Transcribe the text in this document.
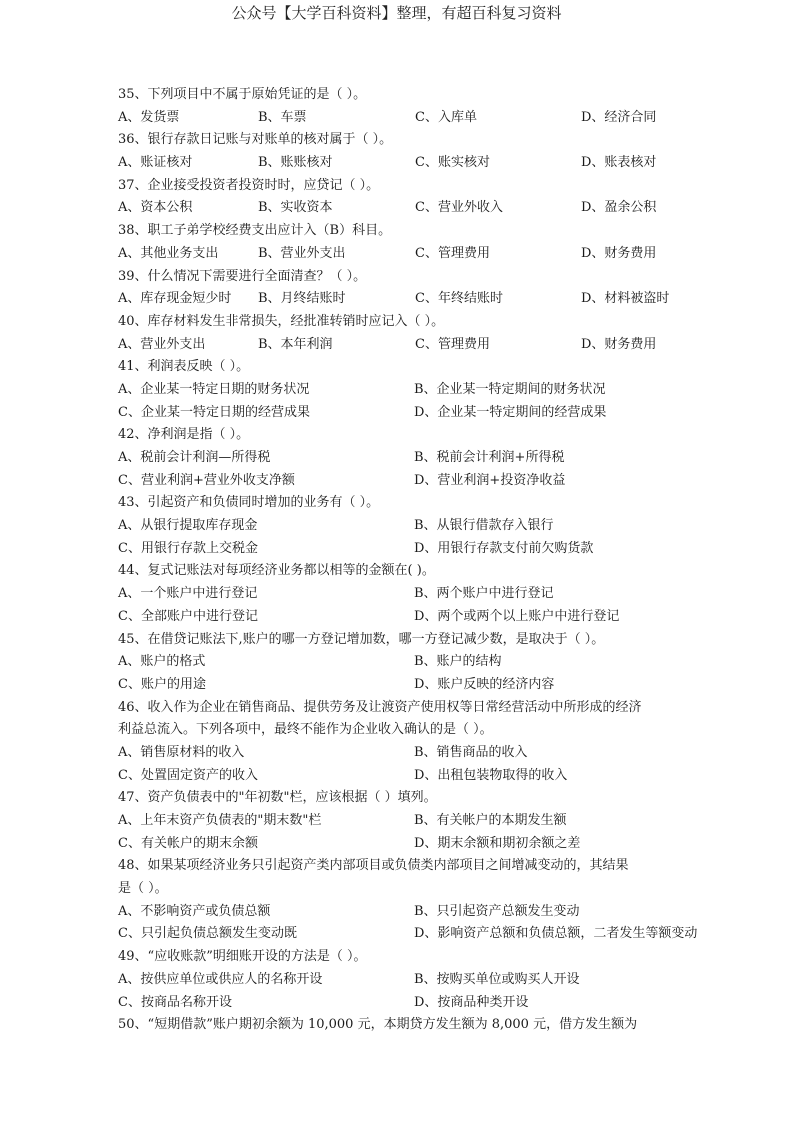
公众号【大学百科资料】整理，有超百科复习资料
35、下列项目中不属于原始凭证的是（ ）。
A、发货票	B、车票	C、入库单	D、经济合同
36、银行存款日记账与对账单的核对属于（ ）。
A、账证核对	B、账账核对	C、账实核对	D、账表核对
37、企业接受投资者投资时时，应贷记（ ）。
A、资本公积	B、实收资本	C、营业外收入	D、盈余公积
38、职工子弟学校经费支出应计入（B）科目。
A、其他业务支出	B、营业外支出	C、管理费用	D、财务费用
39、什么情况下需要进行全面清查？（ ）。
A、库存现金短少时 B、月终结账时	C、年终结账时	D、材料被盗时
40、库存材料发生非常损失，经批准转销时应记入（ ）。
A、营业外支出	B、本年利润	C、管理费用	D、财务费用
41、利润表反映（ ）。
A、企业某一特定日期的财务状况	B、企业某一特定期间的财务状况
C、企业某一特定日期的经营成果	D、企业某一特定期间的经营成果
42、净利润是指（ ）。
A、税前会计利润—所得税	B、税前会计利润+所得税
C、营业利润+营业外收支净额	D、营业利润+投资净收益
43、引起资产和负债同时增加的业务有（ ）。
A、从银行提取库存现金	B、从银行借款存入银行
C、用银行存款上交税金	D、用银行存款支付前欠购货款
44、复式记账法对每项经济业务都以相等的金额在( )。
A、一个账户中进行登记	B、两个账户中进行登记
C、全部账户中进行登记	D、两个或两个以上账户中进行登记
45、在借贷记账法下,账户的哪一方登记增加数，哪一方登记减少数，是取决于（ ）。
A、账户的格式	B、账户的结构
C、账户的用途	D、账户反映的经济内容
46、收入作为企业在销售商品、提供劳务及让渡资产使用权等日常经营活动中所形成的经济
利益总流入。下列各项中，最终不能作为企业收入确认的是（ ）。
A、销售原材料的收入	B、销售商品的收入
C、处置固定资产的收入	D、出租包装物取得的收入
47、资产负债表中的"年初数"栏，应该根据（ ）填列。
A、上年末资产负债表的"期末数"栏	B、有关帐户的本期发生额
C、有关帐户的期末余额	D、期末余额和期初余额之差
48、如果某项经济业务只引起资产类内部项目或负债类内部项目之间增减变动的，其结果
是（ ）。
A、不影响资产或负债总额	B、只引起资产总额发生变动
C、只引起负债总额发生变动既	D、影响资产总额和负债总额，二者发生等额变动
49、“应收账款”明细账开设的方法是（ ）。
A、按供应单位或供应人的名称开设	B、按购买单位或购买人开设
C、按商品名称开设	D、按商品种类开设
50、“短期借款”账户期初余额为 10,000 元，本期贷方发生额为 8,000 元，借方发生额为
